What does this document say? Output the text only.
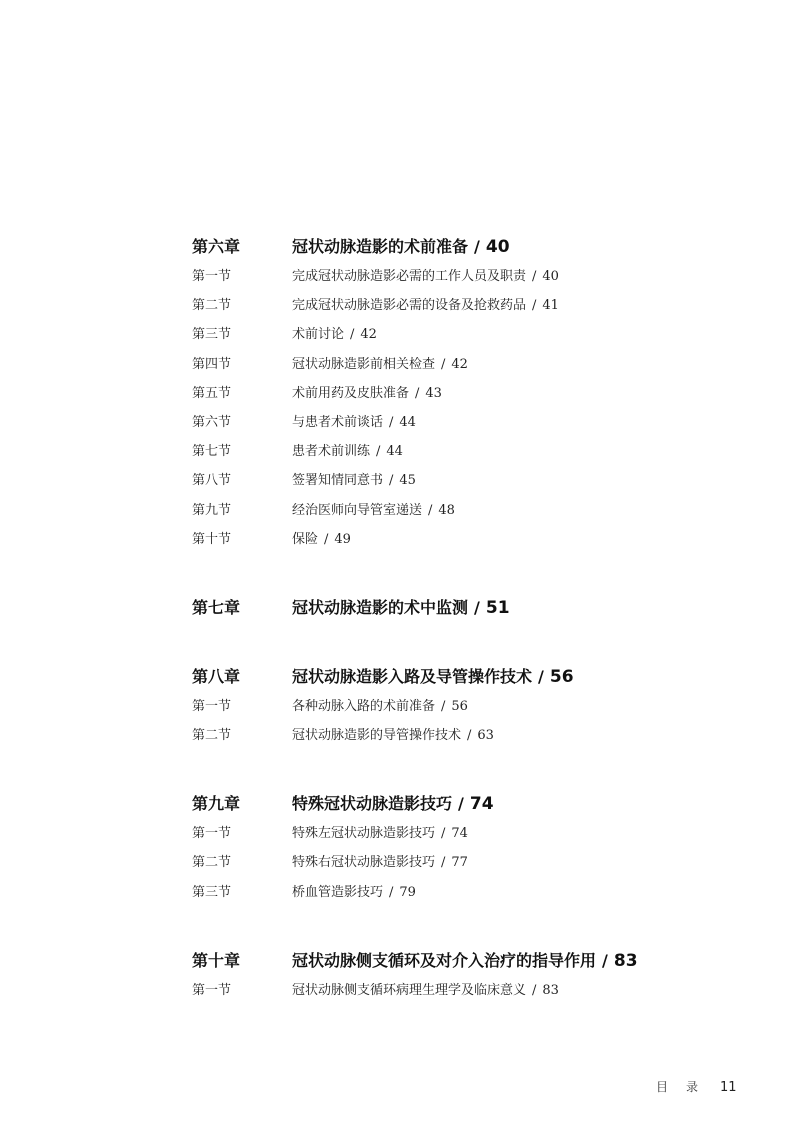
第六章	冠状动脉造影的术前准备 / 40
第一节	完成冠状动脉造影必需的工作人员及职责 / 40
第二节	完成冠状动脉造影必需的设备及抢救药品 / 41
第三节	术前讨论 / 42
第四节	冠状动脉造影前相关检查 / 42
第五节	术前用药及皮肤准备 / 43
第六节	与患者术前谈话 / 44
第七节	患者术前训练 / 44
第八节	签署知情同意书 / 45
第九节	经治医师向导管室递送 / 48
第十节	保险 / 49
第七章	冠状动脉造影的术中监测 / 51
第八章	冠状动脉造影入路及导管操作技术 / 56
第一节	各种动脉入路的术前准备 / 56
第二节	冠状动脉造影的导管操作技术 / 63
第九章	特殊冠状动脉造影技巧 / 74
第一节	特殊左冠状动脉造影技巧 / 74
第二节	特殊右冠状动脉造影技巧 / 77
第三节	桥血管造影技巧 / 79
第十章	冠状动脉侧支循环及对介入治疗的指导作用 / 83
第一节	冠状动脉侧支循环病理生理学及临床意义 / 83
目录 11
